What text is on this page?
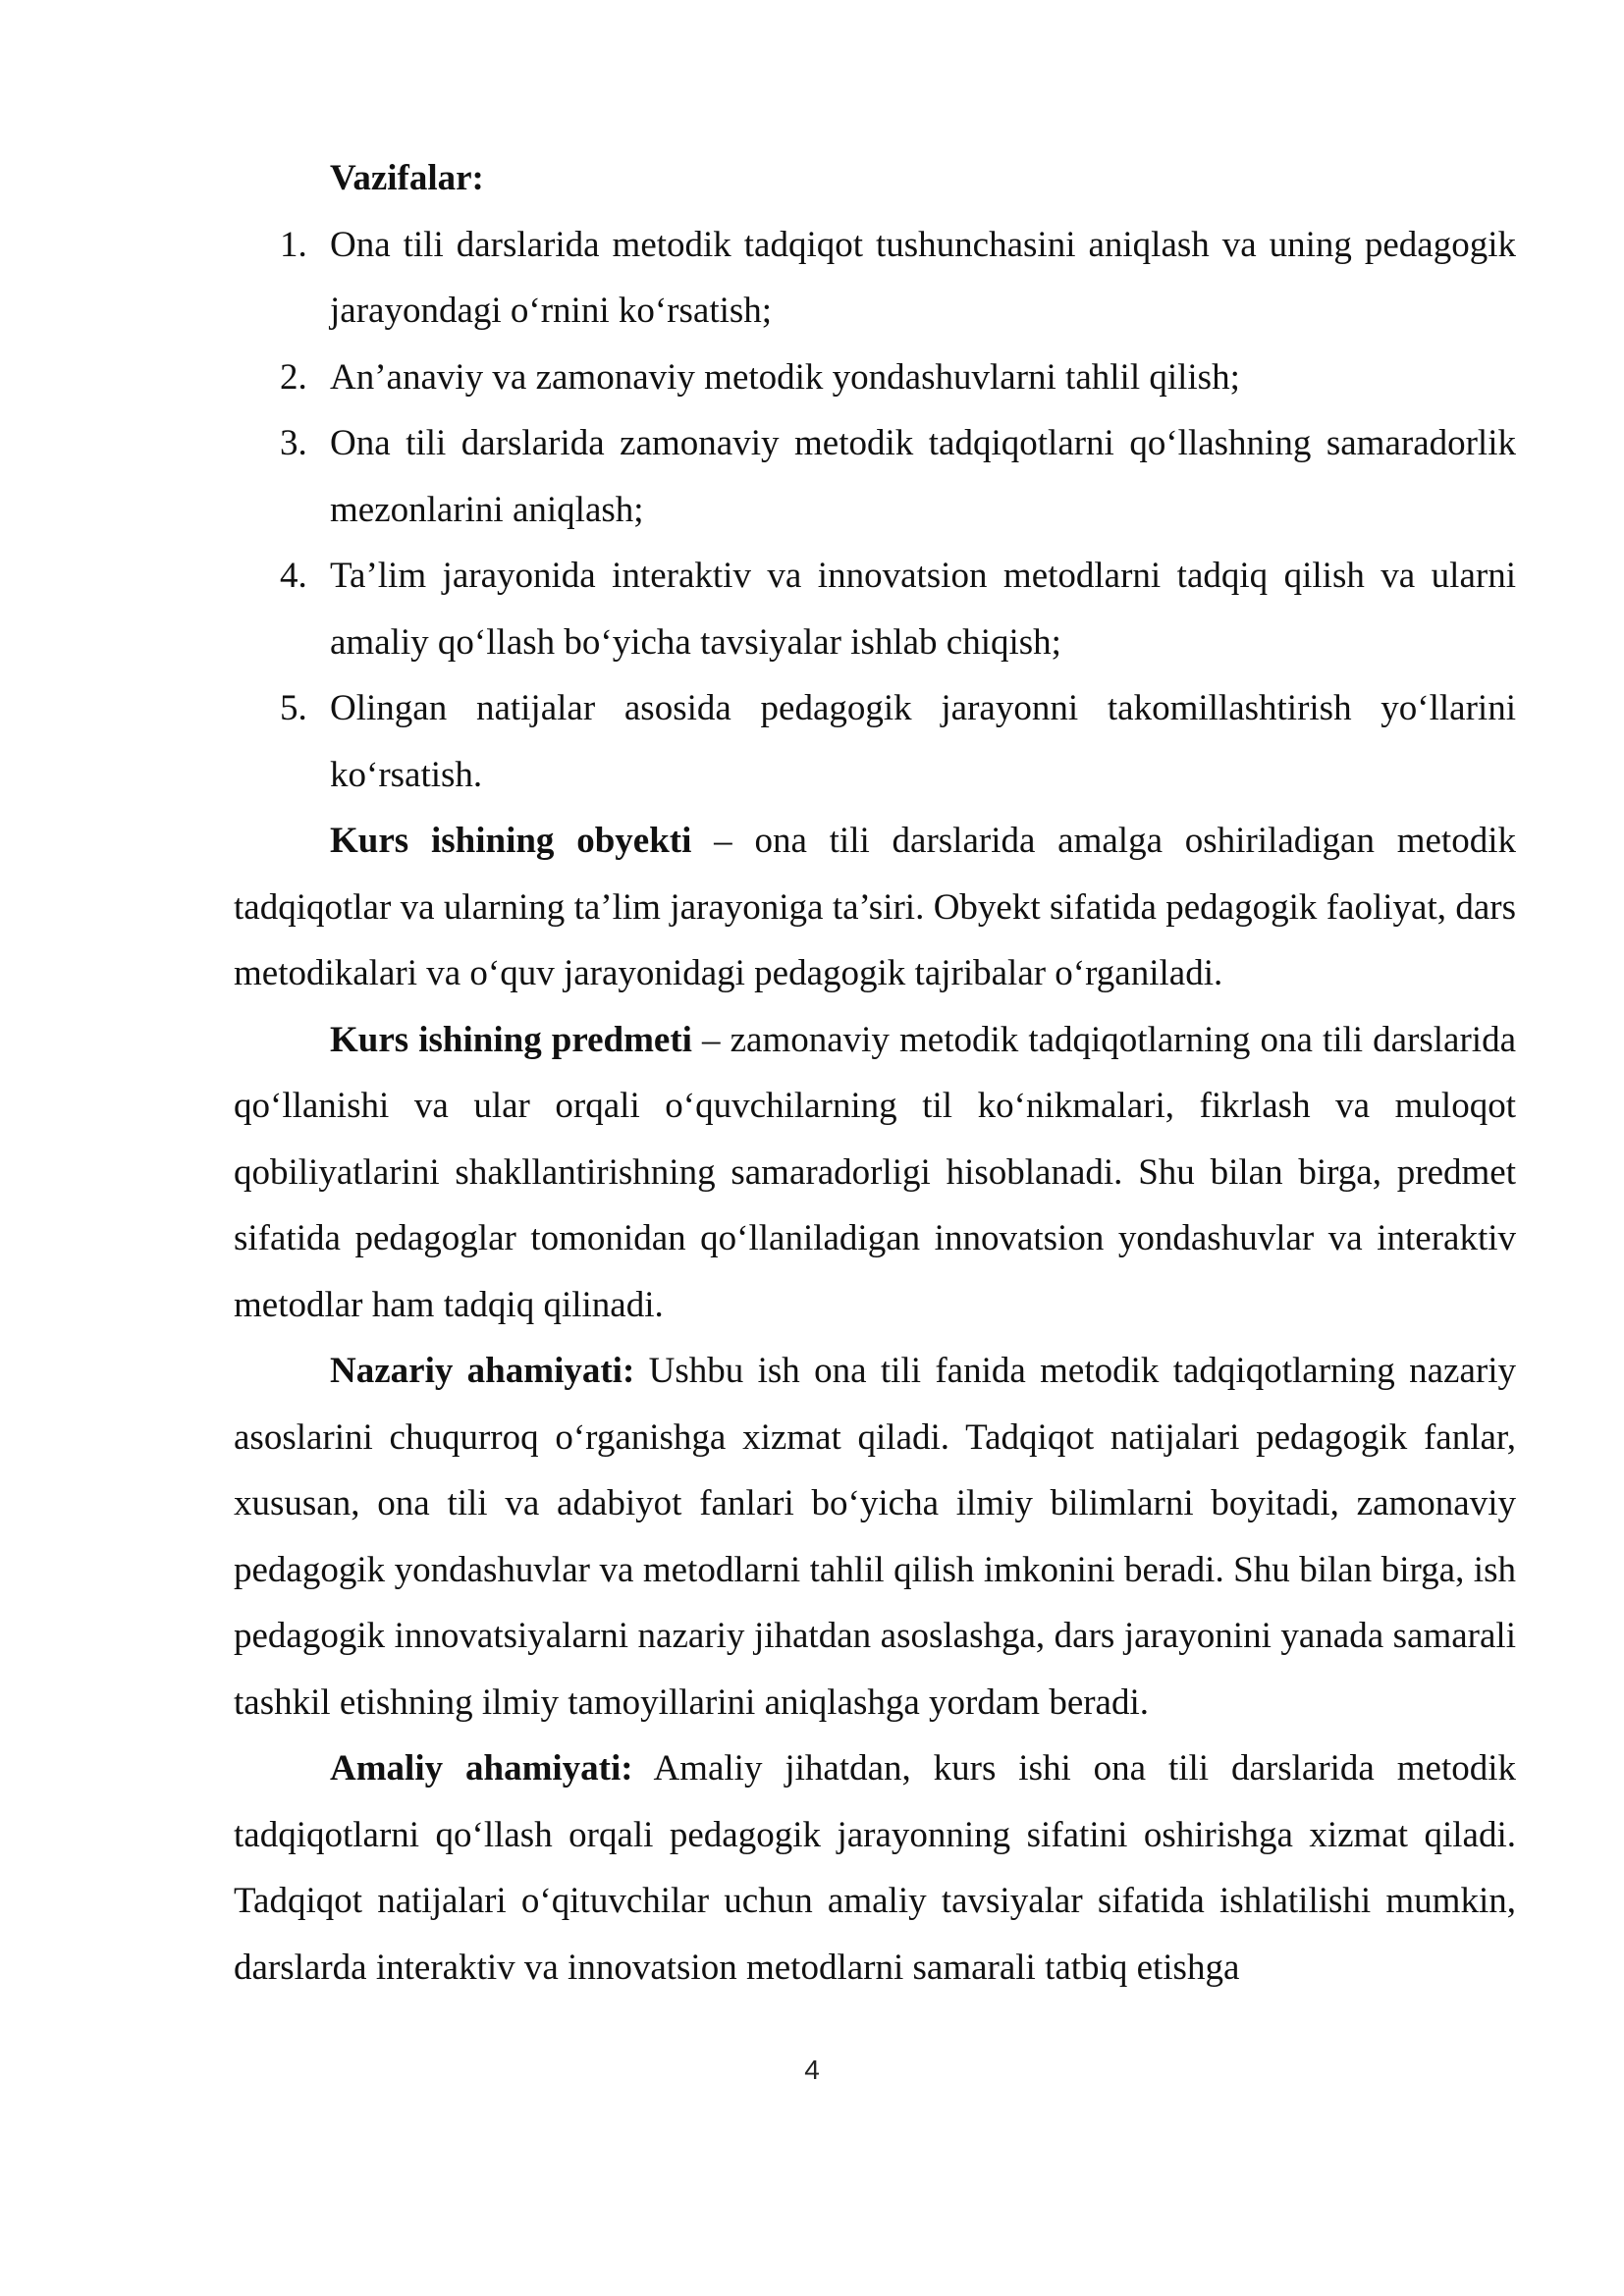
Vazifalar:

1. Ona tili darslarida metodik tadqiqot tushunchasini aniqlash va uning pedagogik jarayondagi o‘rnini ko‘rsatish;
2. An’anaviy va zamonaviy metodik yondashuvlarni tahlil qilish;
3. Ona tili darslarida zamonaviy metodik tadqiqotlarni qo‘llashning samaradorlik mezonlarini aniqlash;
4. Ta’lim jarayonida interaktiv va innovatsion metodlarni tadqiq qilish va ularni amaliy qo‘llash bo‘yicha tavsiyalar ishlab chiqish;
5. Olingan natijalar asosida pedagogik jarayonni takomillashtirish yo‘llarini ko‘rsatish.

Kurs ishining obyekti – ona tili darslarida amalga oshiriladigan metodik tadqiqotlar va ularning ta’lim jarayoniga ta’siri. Obyekt sifatida pedagogik faoliyat, dars metodikalari va o‘quv jarayonidagi pedagogik tajribalar o‘rganiladi.

Kurs ishining predmeti – zamonaviy metodik tadqiqotlarning ona tili darslarida qo‘llanishi va ular orqali o‘quvchilarning til ko‘nikmalari, fikrlash va muloqot qobiliyatlarini shakllantirishning samaradorligi hisoblanadi. Shu bilan birga, predmet sifatida pedagoglar tomonidan qo‘llaniladigan innovatsion yondashuvlar va interaktiv metodlar ham tadqiq qilinadi.

Nazariy ahamiyati: Ushbu ish ona tili fanida metodik tadqiqotlarning nazariy asoslarini chuqurroq o‘rganishga xizmat qiladi. Tadqiqot natijalari pedagogik fanlar, xususan, ona tili va adabiyot fanlari bo‘yicha ilmiy bilimlarni boyitadi, zamonaviy pedagogik yondashuvlar va metodlarni tahlil qilish imkonini beradi. Shu bilan birga, ish pedagogik innovatsiyalarni nazariy jihatdan asoslashga, dars jarayonini yanada samarali tashkil etishning ilmiy tamoyillarini aniqlashga yordam beradi.

Amaliy ahamiyati: Amaliy jihatdan, kurs ishi ona tili darslarida metodik tadqiqotlarni qo‘llash orqali pedagogik jarayonning sifatini oshirishga xizmat qiladi. Tadqiqot natijalari o‘qituvchilar uchun amaliy tavsiyalar sifatida ishlatilishi mumkin, darslarda interaktiv va innovatsion metodlarni samarali tatbiq etishga

4
